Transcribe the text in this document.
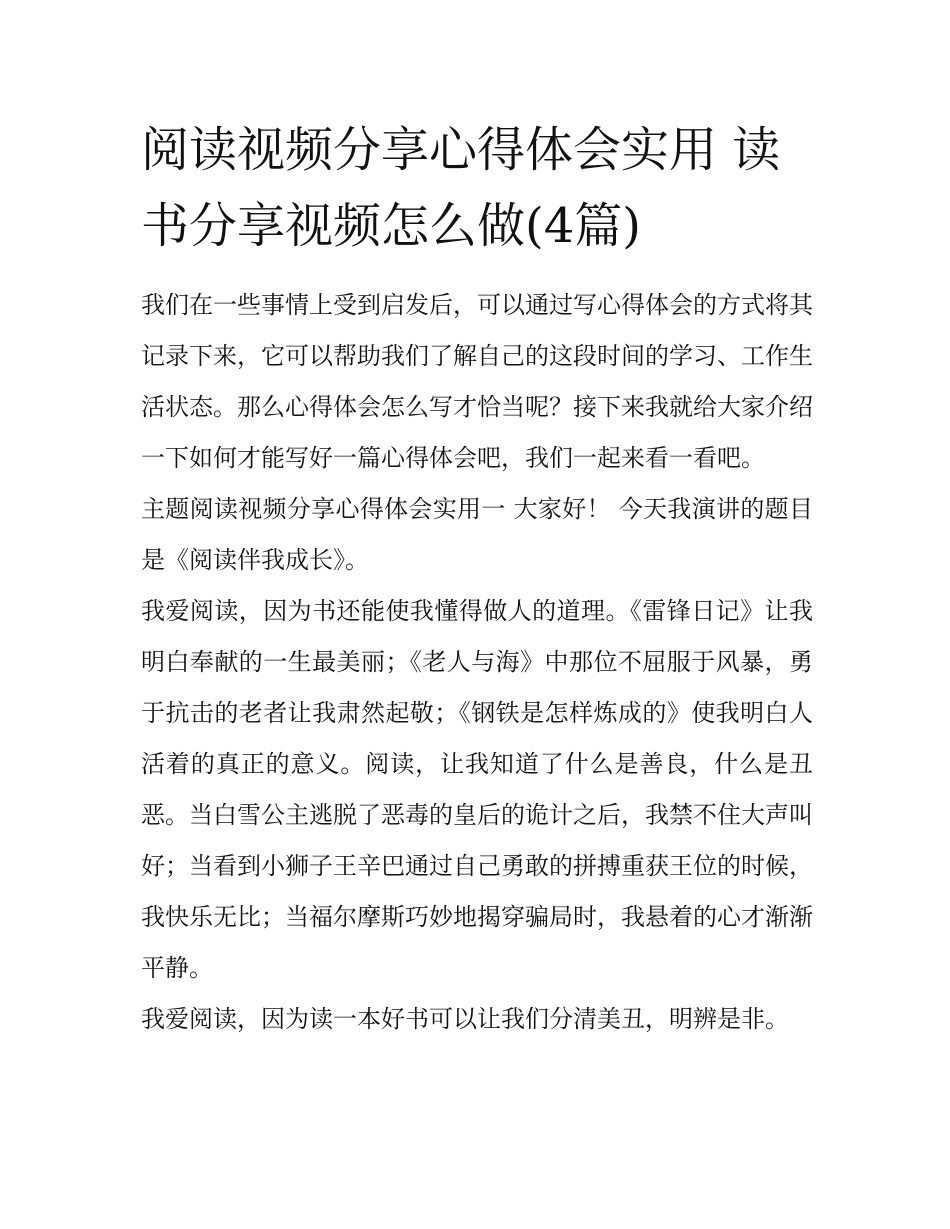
阅读视频分享心得体会实用 读书分享视频怎么做(4篇)

我们在一些事情上受到启发后，可以通过写心得体会的方式将其记录下来，它可以帮助我们了解自己的这段时间的学习、工作生活状态。那么心得体会怎么写才恰当呢？接下来我就给大家介绍一下如何才能写好一篇心得体会吧，我们一起来看一看吧。

主题阅读视频分享心得体会实用一 大家好！ 今天我演讲的题目是《阅读伴我成长》。

我爱阅读，因为书还能使我懂得做人的道理。《雷锋日记》让我明白奉献的一生最美丽；《老人与海》中那位不屈服于风暴，勇于抗击的老者让我肃然起敬；《钢铁是怎样炼成的》使我明白人活着的真正的意义。阅读，让我知道了什么是善良，什么是丑恶。当白雪公主逃脱了恶毒的皇后的诡计之后，我禁不住大声叫好；当看到小狮子王辛巴通过自己勇敢的拼搏重获王位的时候，我快乐无比；当福尔摩斯巧妙地揭穿骗局时，我悬着的心才渐渐平静。

我爱阅读，因为读一本好书可以让我们分清美丑，明辨是非。
